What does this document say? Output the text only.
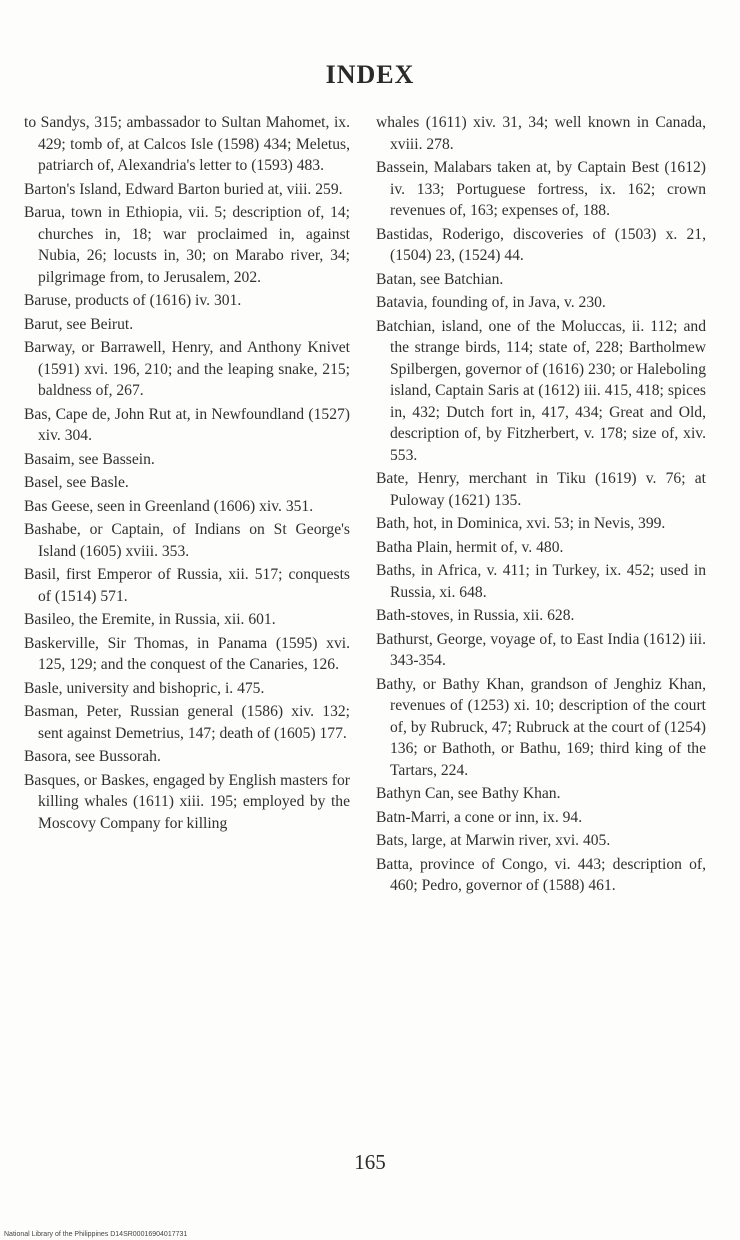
INDEX

to Sandys, 315; ambassador to Sultan Mahomet, ix. 429; tomb of, at Calcos Isle (1598) 434; Meletus, patriarch of, Alexandria's letter to (1593) 483.

Barton's Island, Edward Barton buried at, viii. 259.

Barua, town in Ethiopia, vii. 5; description of, 14; churches in, 18; war proclaimed in, against Nubia, 26; locusts in, 30; on Marabo river, 34; pilgrimage from, to Jerusalem, 202.

Baruse, products of (1616) iv. 301.

Barut, see Beirut.

Barway, or Barrawell, Henry, and Anthony Knivet (1591) xvi. 196, 210; and the leaping snake, 215; baldness of, 267.

Bas, Cape de, John Rut at, in Newfoundland (1527) xiv. 304.

Basaim, see Bassein.

Basel, see Basle.

Bas Geese, seen in Greenland (1606) xiv. 351.

Bashabe, or Captain, of Indians on St George's Island (1605) xviii. 353.

Basil, first Emperor of Russia, xii. 517; conquests of (1514) 571.

Basileo, the Eremite, in Russia, xii. 601.

Baskerville, Sir Thomas, in Panama (1595) xvi. 125, 129; and the conquest of the Canaries, 126.

Basle, university and bishopric, i. 475.

Basman, Peter, Russian general (1586) xiv. 132; sent against Demetrius, 147; death of (1605) 177.

Basora, see Bussorah.

Basques, or Baskes, engaged by English masters for killing whales (1611) xiii. 195; employed by the Moscovy Company for killing

whales (1611) xiv. 31, 34; well known in Canada, xviii. 278.

Bassein, Malabars taken at, by Captain Best (1612) iv. 133; Portuguese fortress, ix. 162; crown revenues of, 163; expenses of, 188.

Bastidas, Roderigo, discoveries of (1503) x. 21, (1504) 23, (1524) 44.

Batan, see Batchian.

Batavia, founding of, in Java, v. 230.

Batchian, island, one of the Moluccas, ii. 112; and the strange birds, 114; state of, 228; Bartholmew Spilbergen, governor of (1616) 230; or Haleboling island, Captain Saris at (1612) iii. 415, 418; spices in, 432; Dutch fort in, 417, 434; Great and Old, description of, by Fitzherbert, v. 178; size of, xiv. 553.

Bate, Henry, merchant in Tiku (1619) v. 76; at Puloway (1621) 135.

Bath, hot, in Dominica, xvi. 53; in Nevis, 399.

Batha Plain, hermit of, v. 480.

Baths, in Africa, v. 411; in Turkey, ix. 452; used in Russia, xi. 648.

Bath-stoves, in Russia, xii. 628.

Bathurst, George, voyage of, to East India (1612) iii. 343-354.

Bathy, or Bathy Khan, grandson of Jenghiz Khan, revenues of (1253) xi. 10; description of the court of, by Rubruck, 47; Rubruck at the court of (1254) 136; or Bathoth, or Bathu, 169; third king of the Tartars, 224.

Bathyn Can, see Bathy Khan.

Batn-Marri, a cone or inn, ix. 94.

Bats, large, at Marwin river, xvi. 405.

Batta, province of Congo, vi. 443; description of, 460; Pedro, governor of (1588) 461.

165
National Library of the Philippines D14SR00016904017731
